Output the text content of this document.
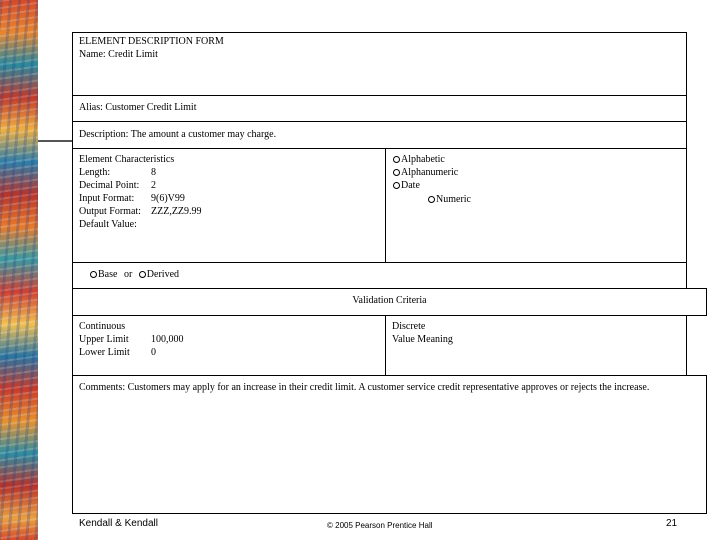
ELEMENT DESCRIPTION FORM
Name: Credit Limit
Alias: Customer Credit Limit
Description: The amount a customer may charge.
Element Characteristics
Length:	8
Decimal Point:	2
Input Format:	9(6)V99
Output Format:	ZZZ,ZZ9.99
Default Value:
Alphabetic
Alphanumeric
Date
Numeric
Base or Derived
Validation Criteria
Continuous
Upper Limit 100,000
Lower Limit 0
Discrete
Value Meaning
Comments: Customers may apply for an increase in their credit limit. A customer service credit representative approves or rejects the increase.
Kendall & Kendall	© 2005 Pearson Prentice Hall	21
